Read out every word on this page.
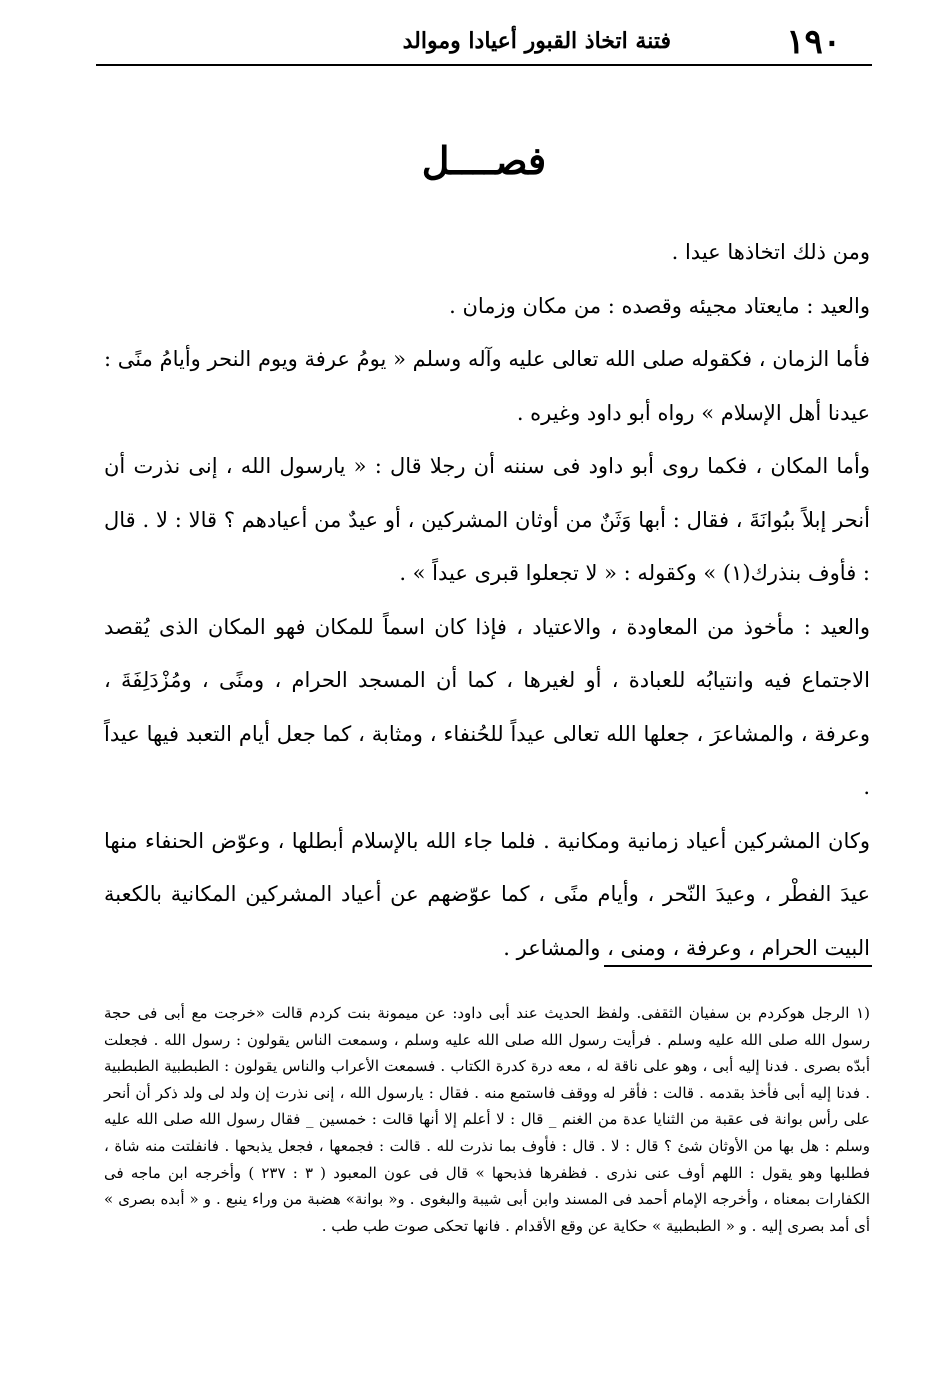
١٩٠
فتنة اتخاذ القبور أعيادا وموالد
فصــــل

ومن ذلك اتخاذها عيدا .

والعيد : مايعتاد مجيئه وقصده : من مكان وزمان .

فأما الزمان ، فكقوله صلى الله تعالى عليه وآله وسلم « يومُ عرفة ويوم النحر وأيامُ منًى : عيدنا أهل الإسلام » رواه أبو داود وغيره .

وأما المكان ، فكما روى أبو داود فى سننه أن رجلا قال : « يارسول الله ، إنى نذرت أن أنحر إبلاً ببُوانَةَ ، فقال : أبها وَثَنٌ من أوثان المشركين ، أو عيدٌ من أعيادهم ؟ قالا : لا . قال : فأوف بنذرك(١) » وكقوله : « لا تجعلوا قبرى عيداً » .

والعيد : مأخوذ من المعاودة ، والاعتياد ، فإذا كان اسماً للمكان فهو المكان الذى يُقصد الاجتماع فيه وانتيابُه للعبادة ، أو لغيرها ، كما أن المسجد الحرام ، ومنًى ، ومُزْدَلِفَةَ ، وعرفة ، والمشاعرَ ، جعلها الله تعالى عيداً للحُنفاء ، ومثابة ، كما جعل أيام التعبد فيها عيداً .

وكان المشركين أعياد زمانية ومكانية . فلما جاء الله بالإسلام أبطلها ، وعوّض الحنفاء منها عيدَ الفطْر ، وعيدَ النّحر ، وأيام منًى ، كما عوّضهم عن أعياد المشركين المكانية بالكعبة البيت الحرام ، وعرفة ، ومنى ، والمشاعر .

(١ الرجل هوكردم بن سفيان الثقفى. ولفظ الحديث عند أبى داود: عن ميمونة بنت كردم قالت «خرجت مع أبى فى حجة رسول الله صلى الله عليه وسلم . فرأيت رسول الله صلى الله عليه وسلم ، وسمعت الناس يقولون : رسول الله . فجعلت أبدّه بصرى . فدنا إليه أبى ، وهو على ناقة له ، معه درة كدرة الكتاب . فسمعت الأعراب والناس يقولون : الطبطبية الطبطبية . فدنا إليه أبى فأخذ بقدمه . قالت : فأقر له ووقف فاستمع منه . فقال : يارسول الله ، إنى نذرت إن ولد لى ولد ذكر أن أنحر على رأس بوانة فى عقبة من الثنايا عدة من الغنم _ قال : لا أعلم إلا أنها قالت : خمسين _ فقال رسول الله صلى الله عليه وسلم : هل بها من الأوثان شئ ؟ قال : لا . قال : فأوف بما نذرت لله . قالت : فجمعها ، فجعل يذبحها . فانفلتت منه شاة ، فطلبها وهو يقول : اللهم أوف عنى نذرى . فظفرها فذبحها » قال فى عون المعبود ( ٣ : ٢٣٧ ) وأخرجه ابن ماجه فى الكفارات بمعناه ، وأخرجه الإمام أحمد فى المسند وابن أبى شيبة والبغوى . و« بوانة» هضبة من وراء ينبع . و « أبده بصرى » أى أمد بصرى إليه . و « الطبطبية » حكاية عن وقع الأقدام . فانها تحكى صوت طب طب .
